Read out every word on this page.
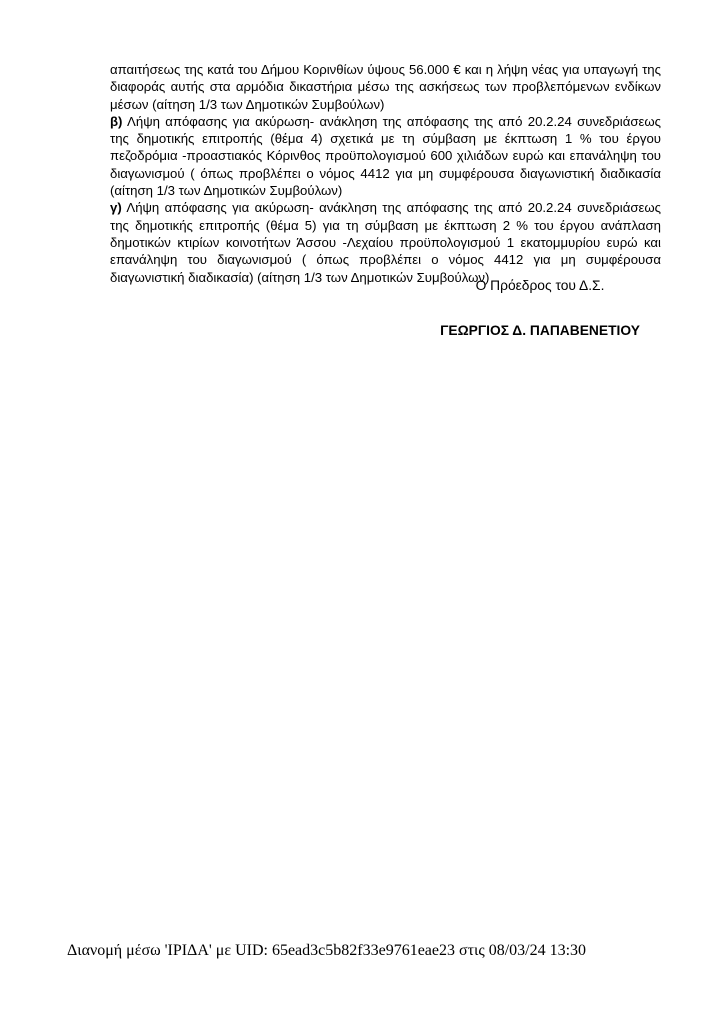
απαιτήσεως της κατά του Δήμου Κορινθίων ύψους 56.000 € και η λήψη νέας για υπαγωγή της διαφοράς αυτής στα αρμόδια δικαστήρια μέσω της ασκήσεως των προβλεπόμενων ενδίκων μέσων (αίτηση 1/3 των Δημοτικών Συμβούλων)

β) Λήψη απόφασης για ακύρωση- ανάκληση της απόφασης της από 20.2.24 συνεδριάσεως της δημοτικής επιτροπής (θέμα 4) σχετικά με τη σύμβαση με έκπτωση 1 % του έργου πεζοδρόμια -προαστιακός Κόρινθος προϋπολογισμού 600 χιλιάδων ευρώ και επανάληψη του διαγωνισμού ( όπως προβλέπει ο νόμος 4412 για μη συμφέρουσα διαγωνιστική διαδικασία (αίτηση 1/3 των Δημοτικών Συμβούλων)

γ) Λήψη απόφασης για ακύρωση- ανάκληση της απόφασης της από 20.2.24 συνεδριάσεως της δημοτικής επιτροπής (θέμα 5) για τη σύμβαση με έκπτωση 2 % του έργου ανάπλαση δημοτικών κτιρίων κοινοτήτων Άσσου -Λεχαίου προϋπολογισμού 1 εκατομμυρίου ευρώ και επανάληψη του διαγωνισμού ( όπως προβλέπει ο νόμος 4412 για μη συμφέρουσα διαγωνιστική διαδικασία) (αίτηση 1/3 των Δημοτικών Συμβούλων)

Ο Πρόεδρος του Δ.Σ.
ΓΕΩΡΓΙΟΣ Δ. ΠΑΠΑΒΕΝΕΤΙΟΥ
Διανομή μέσω 'ΙΡΙΔΑ' με UID: 65ead3c5b82f33e9761eae23 στις 08/03/24 13:30
